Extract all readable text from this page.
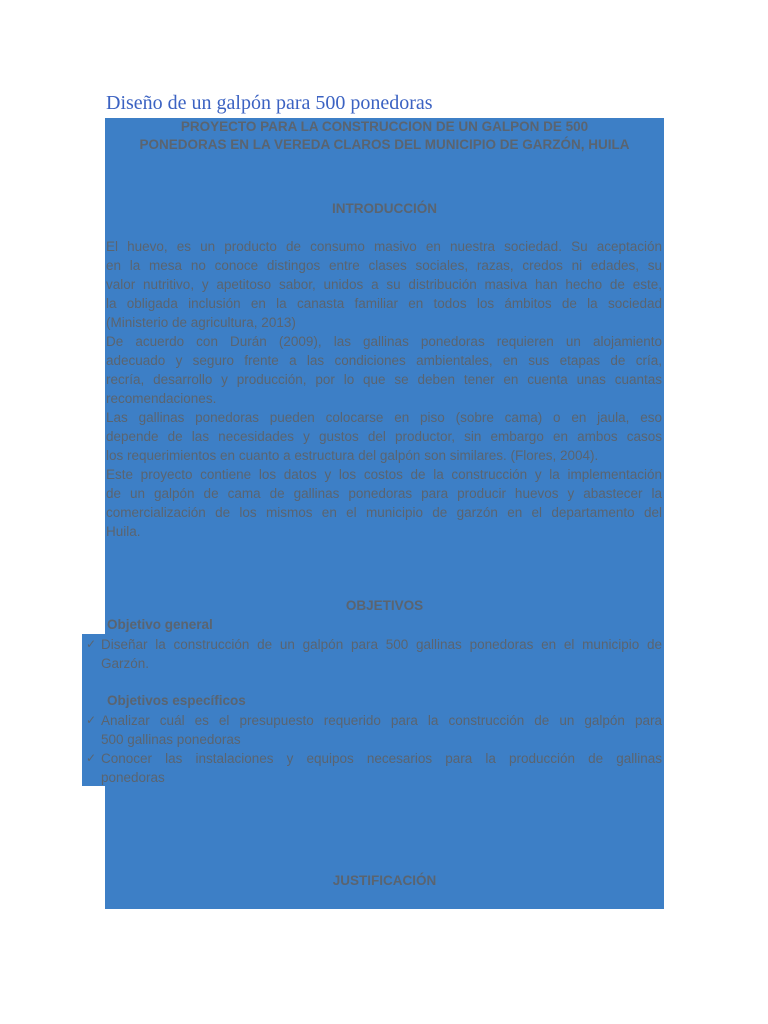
Diseño de un galpón para 500 ponedoras
PROYECTO PARA LA CONSTRUCCION DE UN GALPON DE 500
PONEDORAS EN LA VEREDA CLAROS DEL MUNICIPIO DE GARZÓN, HUILA
INTRODUCCIÓN
El huevo, es un producto de consumo masivo en nuestra sociedad. Su aceptación
en la mesa no conoce distingos entre clases sociales, razas, credos ni edades, su
valor nutritivo, y apetitoso sabor, unidos a su distribución masiva han hecho de este,
la obligada inclusión en la canasta familiar en todos los ámbitos de la sociedad
(Ministerio de agricultura, 2013)
De acuerdo con Durán (2009), las gallinas ponedoras requieren un alojamiento
adecuado y seguro frente a las condiciones ambientales, en sus etapas de cría,
recría, desarrollo y producción, por lo que se deben tener en cuenta unas cuantas
recomendaciones.
Las gallinas ponedoras pueden colocarse en piso (sobre cama) o en jaula, eso
depende de las necesidades y gustos del productor, sin embargo en ambos casos
los requerimientos en cuanto a estructura del galpón son similares. (Flores, 2004).
Este proyecto contiene los datos y los costos de la construcción y la implementación
de un galpón de cama de gallinas ponedoras para producir huevos y abastecer la
comercialización de los mismos en el municipio de garzón en el departamento del
Huila.
OBJETIVOS
Objetivo general
✓ Diseñar la construcción de un galpón para 500 gallinas ponedoras en el municipio de
Garzón.
Objetivos específicos
✓ Analizar cuál es el presupuesto requerido para la construcción de un galpón para
500 gallinas ponedoras
✓ Conocer las instalaciones y equipos necesarios para la producción de gallinas
ponedoras
JUSTIFICACIÓN
